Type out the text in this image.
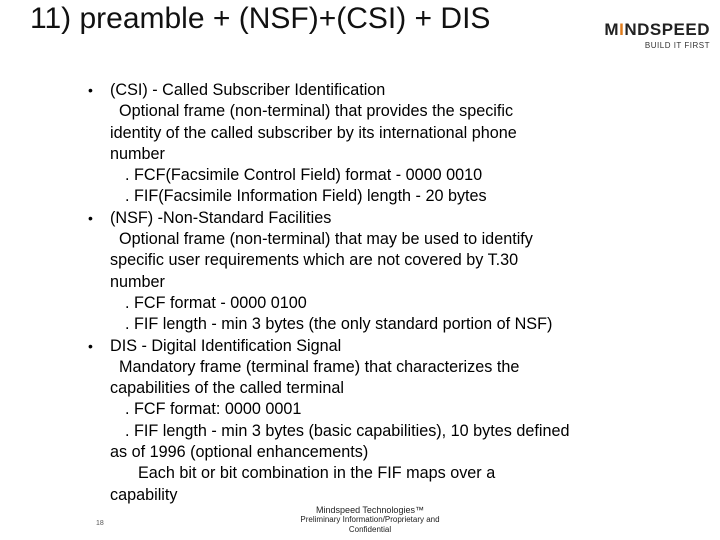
11) preamble + (NSF)+(CSI) + DIS	MINDSPEED
BUILD IT FIRST
• (CSI) - Called Subscriber Identification
Optional frame (non-terminal) that provides the specific
identity of the called subscriber by its international phone
number
. FCF(Facsimile Control Field) format - 0000 0010
. FIF(Facsimile Information Field) length - 20 bytes
• (NSF) -Non-Standard Facilities
Optional frame (non-terminal) that may be used to identify
specific user requirements which are not covered by T.30
number
. FCF format - 0000 0100
. FIF length - min 3 bytes (the only standard portion of NSF)
• DIS - Digital Identification Signal
Mandatory frame (terminal frame) that characterizes the
capabilities of the called terminal
. FCF format: 0000 0001
. FIF length - min 3 bytes (basic capabilities), 10 bytes defined
as of 1996 (optional enhancements)
Each bit or bit combination in the FIF maps over a
capability
Mindspeed Technologies™
Preliminary Information/Proprietary and
Confidential
18
